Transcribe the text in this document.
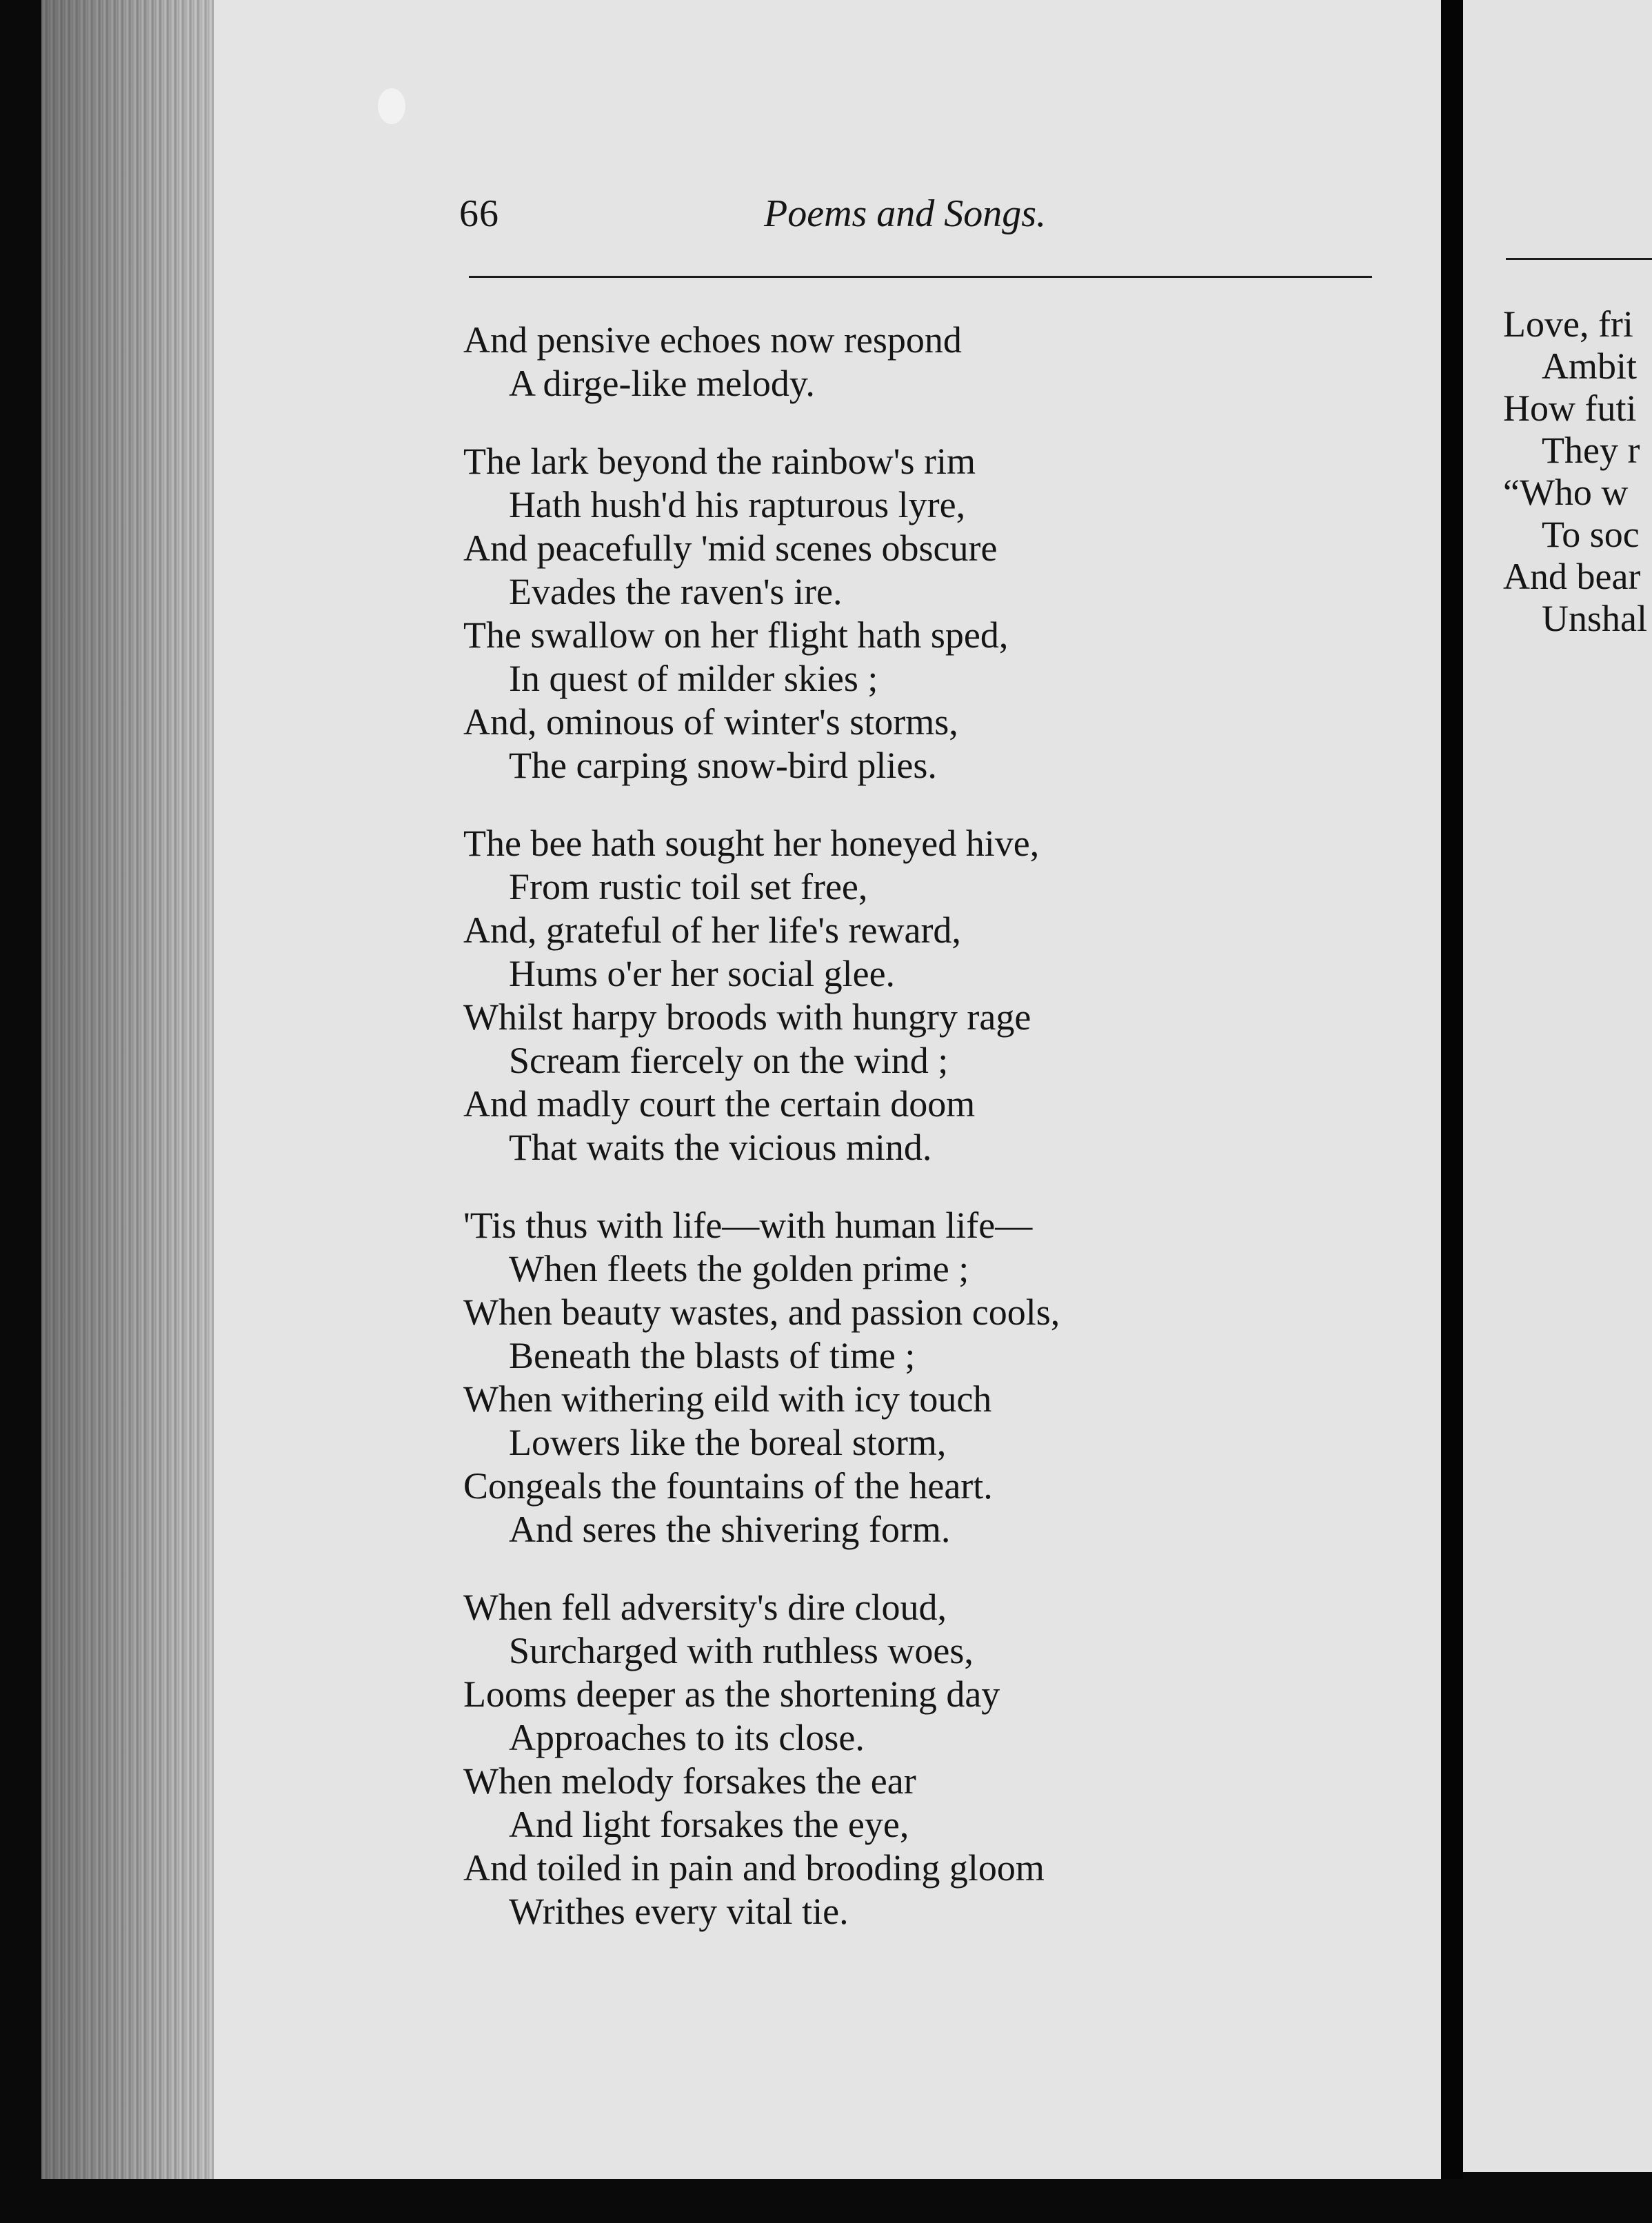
66	Poems and Songs.
And pensive echoes now respond
A dirge-like melody.
The lark beyond the rainbow's rim
Hath hush'd his rapturous lyre,
And peacefully 'mid scenes obscure
Evades the raven's ire.
The swallow on her flight hath sped,
In quest of milder skies ;
And, ominous of winter's storms,
The carping snow-bird plies.
The bee hath sought her honeyed hive,
From rustic toil set free,
And, grateful of her life's reward,
Hums o'er her social glee.
Whilst harpy broods with hungry rage
Scream fiercely on the wind ;
And madly court the certain doom
That waits the vicious mind.
'Tis thus with life—with human life—
When fleets the golden prime ;
When beauty wastes, and passion cools,
Beneath the blasts of time ;
When withering eild with icy touch
Lowers like the boreal storm,
Congeals the fountains of the heart.
And seres the shivering form.
When fell adversity's dire cloud,
Surcharged with ruthless woes,
Looms deeper as the shortening day
Approaches to its close.
When melody forsakes the ear
And light forsakes the eye,
And toiled in pain and brooding gloom
Writhes every vital tie.
Love, fri
Ambit
How futi
They r
“Who w
To soc
And bear
Unshal
